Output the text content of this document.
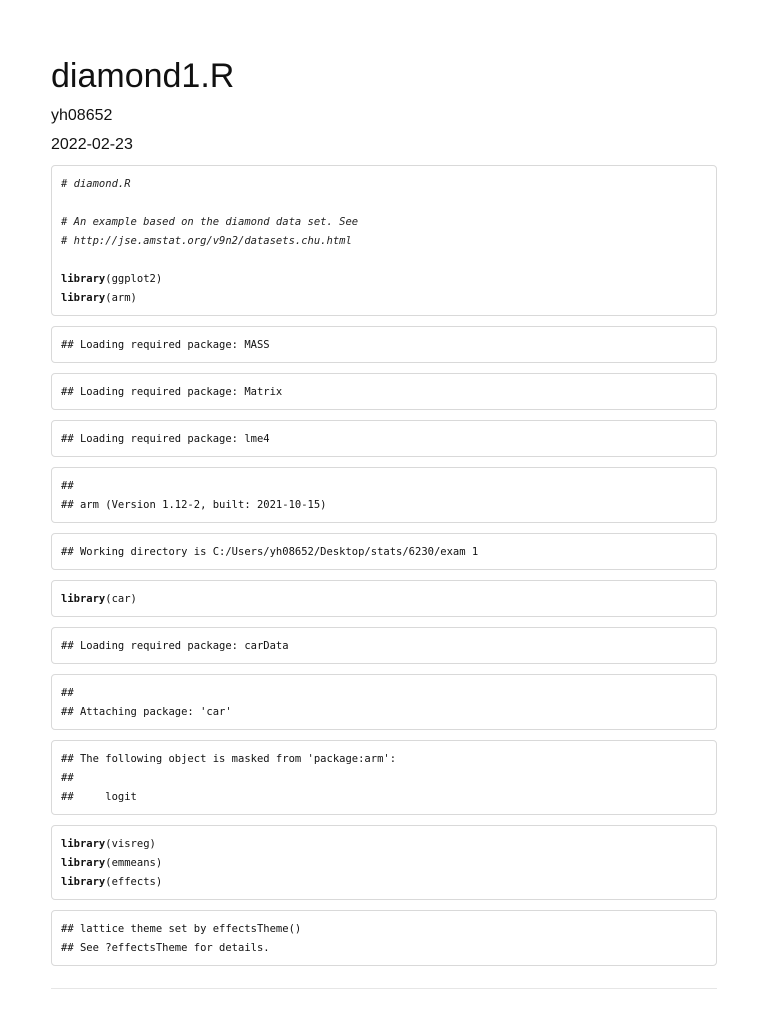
diamond1.R
yh08652
2022-02-23
# diamond.R
# An example based on the diamond data set. See
# http://jse.amstat.org/v9n2/datasets.chu.html
library(ggplot2)
library(arm)
## Loading required package: MASS
## Loading required package: Matrix
## Loading required package: lme4
##
## arm (Version 1.12-2, built: 2021-10-15)
## Working directory is C:/Users/yh08652/Desktop/stats/6230/exam 1
library(car)
## Loading required package: carData
##
## Attaching package: 'car'
## The following object is masked from 'package:arm':
##
##     logit
library(visreg)
library(emmeans)
library(effects)
## lattice theme set by effectsTheme()
## See ?effectsTheme for details.
